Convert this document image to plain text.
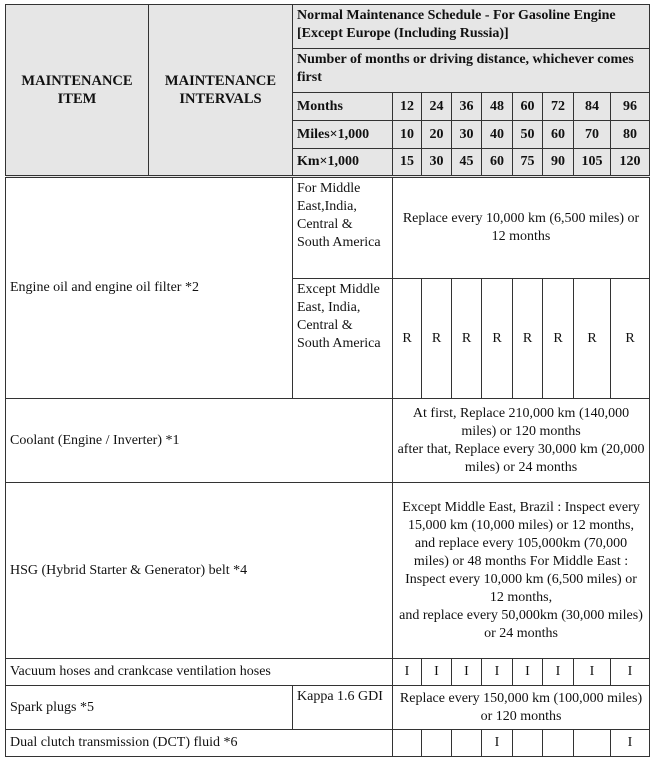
MAINTENANCE ITEM	MAINTENANCE INTERVALS	Normal Maintenance Schedule - For Gasoline Engine [Except Europe (Including Russia)]								
		Number of months or driving distance, whichever comes first								
		Months	12	24	36	48	60	72	84	96
		Miles×1,000	10	20	30	40	50	60	70	80
		Km×1,000	15	30	45	60	75	90	105	120
Engine oil and engine oil filter *2		For Middle East,India, Central & South America	Replace every 10,000 km (6,500 miles) or 12 months							
		Except Middle East, India, Central & South America	R	R	R	R	R	R	R	R
Coolant (Engine / Inverter) *1			At first, Replace 210,000 km (140,000 miles) or 120 months
after that, Replace every 30,000 km (20,000 miles) or 24 months							

HSG (Hybrid Starter & Generator) belt *4			Except Middle East, Brazil : Inspect every 15,000 km (10,000 miles) or 12 months,
and replace every 105,000km (70,000 miles) or 48 months For Middle East : Inspect every 10,000 km (6,500 miles) or 12 months,
and replace every 50,000km (30,000 miles) or 24 months							

Vacuum hoses and crankcase ventilation hoses			I	I	I	I	I	I	I	I
Spark plugs *5		Kappa 1.6 GDI	Replace every 150,000 km (100,000 miles) or 120 months							
Dual clutch transmission (DCT) fluid *6						I				I
